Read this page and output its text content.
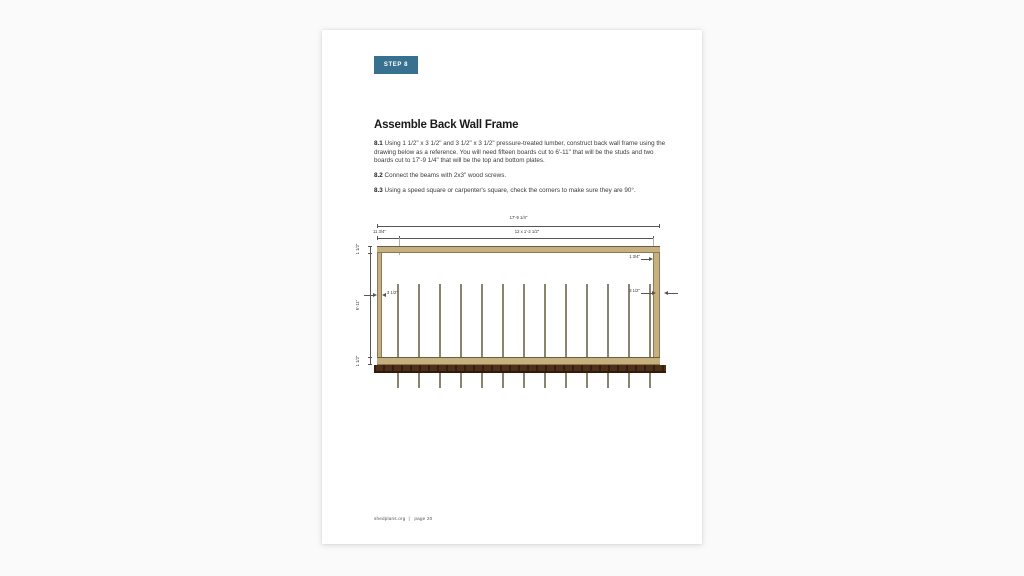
STEP 8
Assemble Back Wall Frame

8.1 Using 1 1/2" x 3 1/2" and 3 1/2" x 3 1/2" pressure-treated lumber, construct back wall frame using the drawing below as a reference. You will need fifteen boards cut to 6'-11" that will be the studs and two boards cut to 17'-9 1/4" that will be the top and bottom plates.

8.2 Connect the beams with 2x3" wood screws.

8.3 Using a speed square or carpenter's square, check the corners to make sure they are 90°.

17'-9 1/4"
11 3/4"	12 x 1'-2 1/2"
1 1/2"
6'-11"
1 1/2"
3 1/2"
1 3/4"
3 1/2"
shedplans.org | page 20
